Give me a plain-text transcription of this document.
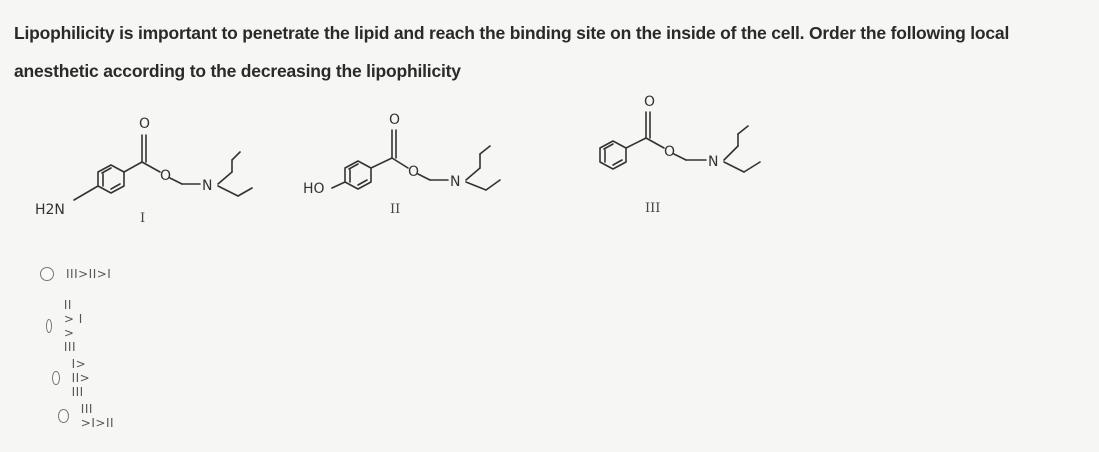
Lipophilicity is important to penetrate the lipid and reach the binding site on the inside of the cell. Order the following local anesthetic according to the decreasing the lipophilicity
O
O
N
H2N
I
O
O
N
HO
II
O
O
N
III
III>II>I
II > I > III
I> II> III
III >I>II
